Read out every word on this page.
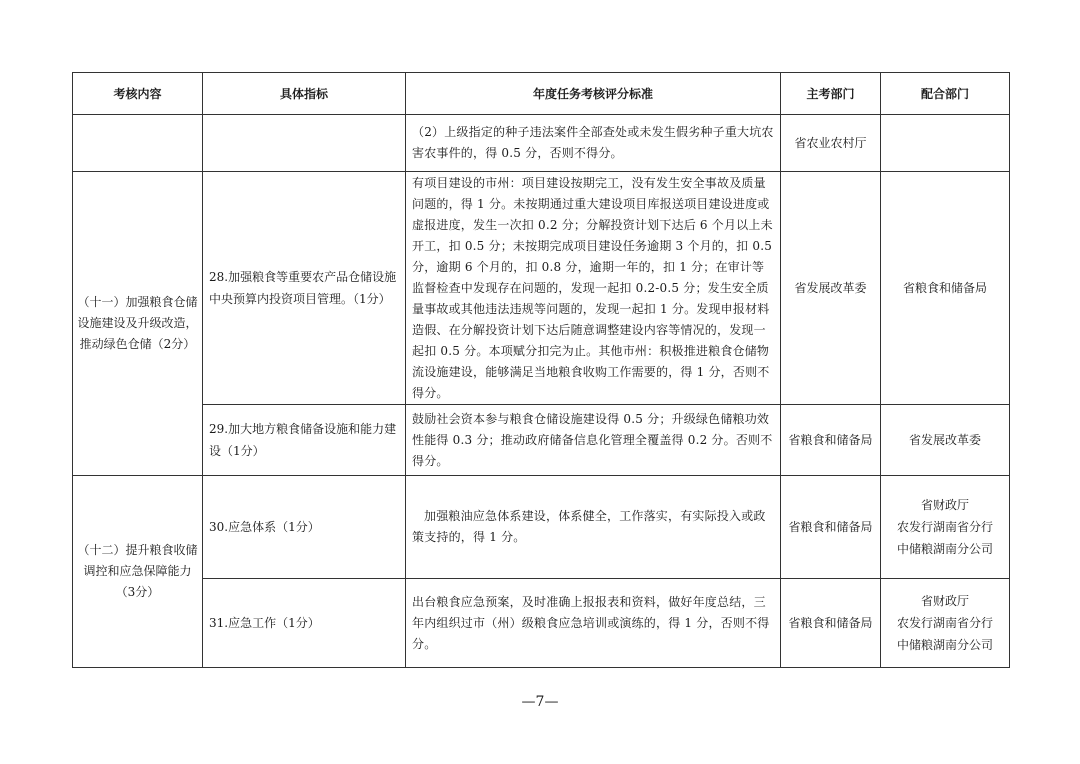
考核内容	具体指标	年度任务考核评分标准	主考部门	配合部门
		（2）上级指定的种子违法案件全部查处或未发生假劣种子重大坑农害农事件的，得 0.5 分，否则不得分。	省农业农村厅	
（十一）加强粮食仓储设施建设及升级改造，推动绿色仓储（2分）	28.加强粮食等重要农产品仓储设施中央预算内投资项目管理。（1分）	有项目建设的市州：项目建设按期完工，没有发生安全事故及质量问题的，得 1 分。未按期通过重大建设项目库报送项目建设进度或虚报进度，发生一次扣 0.2 分；分解投资计划下达后 6 个月以上未开工，扣 0.5 分；未按期完成项目建设任务逾期 3 个月的，扣 0.5 分，逾期 6 个月的，扣 0.8 分，逾期一年的，扣 1 分；在审计等监督检查中发现存在问题的，发现一起扣 0.2-0.5 分；发生安全质量事故或其他违法违规等问题的，发现一起扣 1 分。发现申报材料造假、在分解投资计划下达后随意调整建设内容等情况的，发现一起扣 0.5 分。本项赋分扣完为止。其他市州：积极推进粮食仓储物流设施建设，能够满足当地粮食收购工作需要的，得 1 分，否则不得分。	省发展改革委	省粮食和储备局

	29.加大地方粮食储备设施和能力建设（1分）	鼓励社会资本参与粮食仓储设施建设得 0.5 分；升级绿色储粮功效性能得 0.3 分；推动政府储备信息化管理全覆盖得 0.2 分。否则不得分。	省粮食和储备局	省发展改革委

（十二）提升粮食收储调控和应急保障能力（3分）	30.应急体系（1分）	加强粮油应急体系建设，体系健全，工作落实，有实际投入或政策支持的，得 1 分。	省粮食和储备局	省财政厅
农发行湖南省分行
中储粮湖南分公司

	31.应急工作（1分）	出台粮食应急预案，及时准确上报报表和资料，做好年度总结，三年内组织过市（州）级粮食应急培训或演练的，得 1 分，否则不得分。	省粮食和储备局	省财政厅
农发行湖南省分行
中储粮湖南分公司
—7—
